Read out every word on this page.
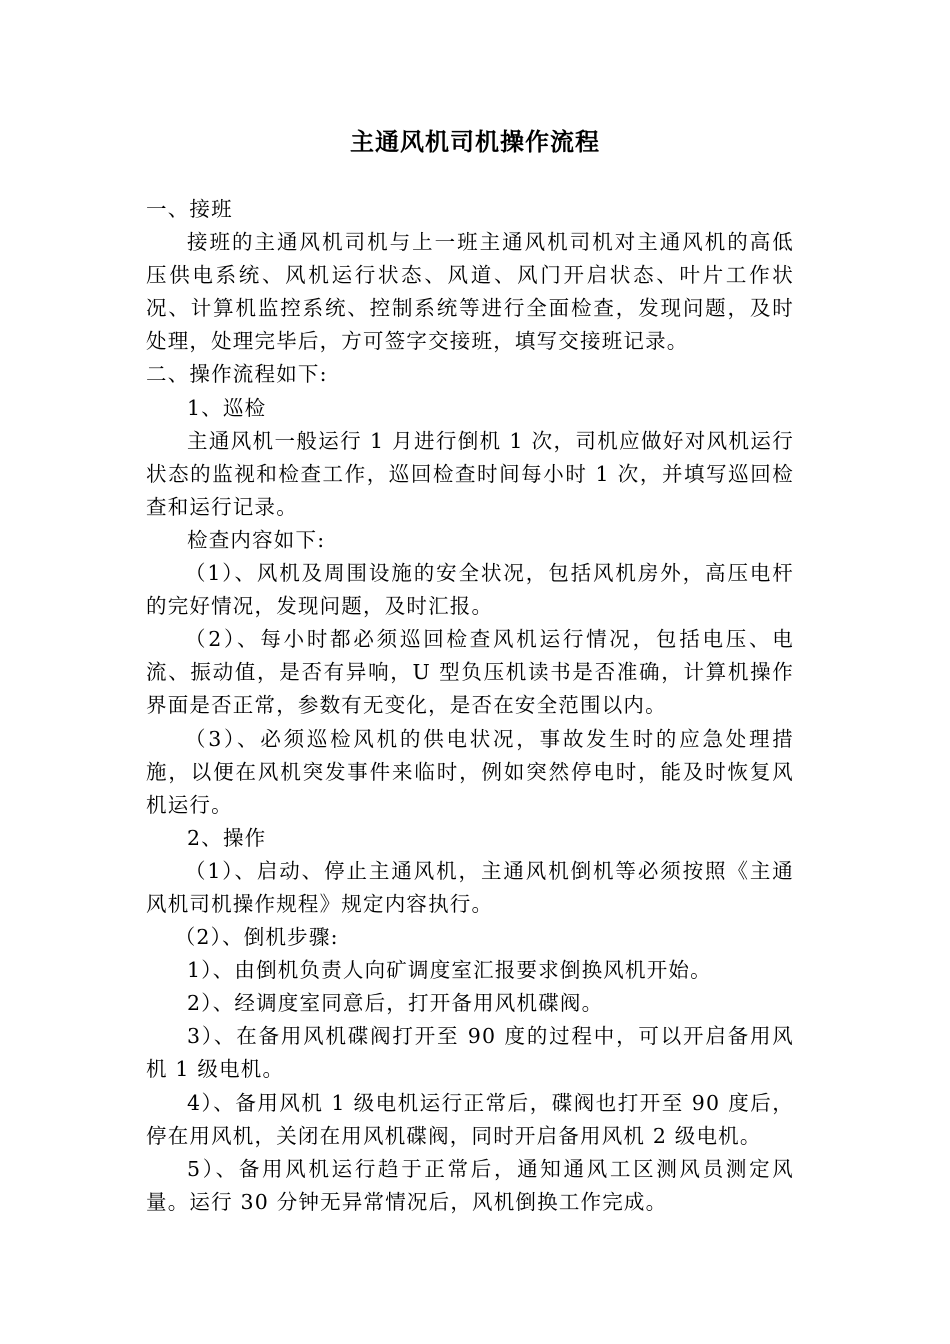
主通风机司机操作流程

一、接班

接班的主通风机司机与上一班主通风机司机对主通风机的高低压供电系统、风机运行状态、风道、风门开启状态、叶片工作状况、计算机监控系统、控制系统等进行全面检查，发现问题，及时处理，处理完毕后，方可签字交接班，填写交接班记录。

二、操作流程如下:

1、巡检

主通风机一般运行 1 月进行倒机 1 次，司机应做好对风机运行状态的监视和检查工作，巡回检查时间每小时 1 次，并填写巡回检查和运行记录。

检查内容如下:

（1）、风机及周围设施的安全状况，包括风机房外，高压电杆的完好情况，发现问题，及时汇报。

（2）、每小时都必须巡回检查风机运行情况，包括电压、电流、振动值，是否有异响，U 型负压机读书是否准确，计算机操作界面是否正常，参数有无变化，是否在安全范围以内。

（3）、必须巡检风机的供电状况，事故发生时的应急处理措施，以便在风机突发事件来临时，例如突然停电时，能及时恢复风机运行。

2、操作

（1）、启动、停止主通风机，主通风机倒机等必须按照《主通风机司机操作规程》规定内容执行。

（2）、倒机步骤:

1）、由倒机负责人向矿调度室汇报要求倒换风机开始。

2）、经调度室同意后，打开备用风机碟阀。

3）、在备用风机碟阀打开至 90 度的过程中，可以开启备用风机 1 级电机。

4）、备用风机 1 级电机运行正常后，碟阀也打开至 90 度后，停在用风机，关闭在用风机碟阀，同时开启备用风机 2 级电机。

5）、备用风机运行趋于正常后，通知通风工区测风员测定风量。运行 30 分钟无异常情况后，风机倒换工作完成。
